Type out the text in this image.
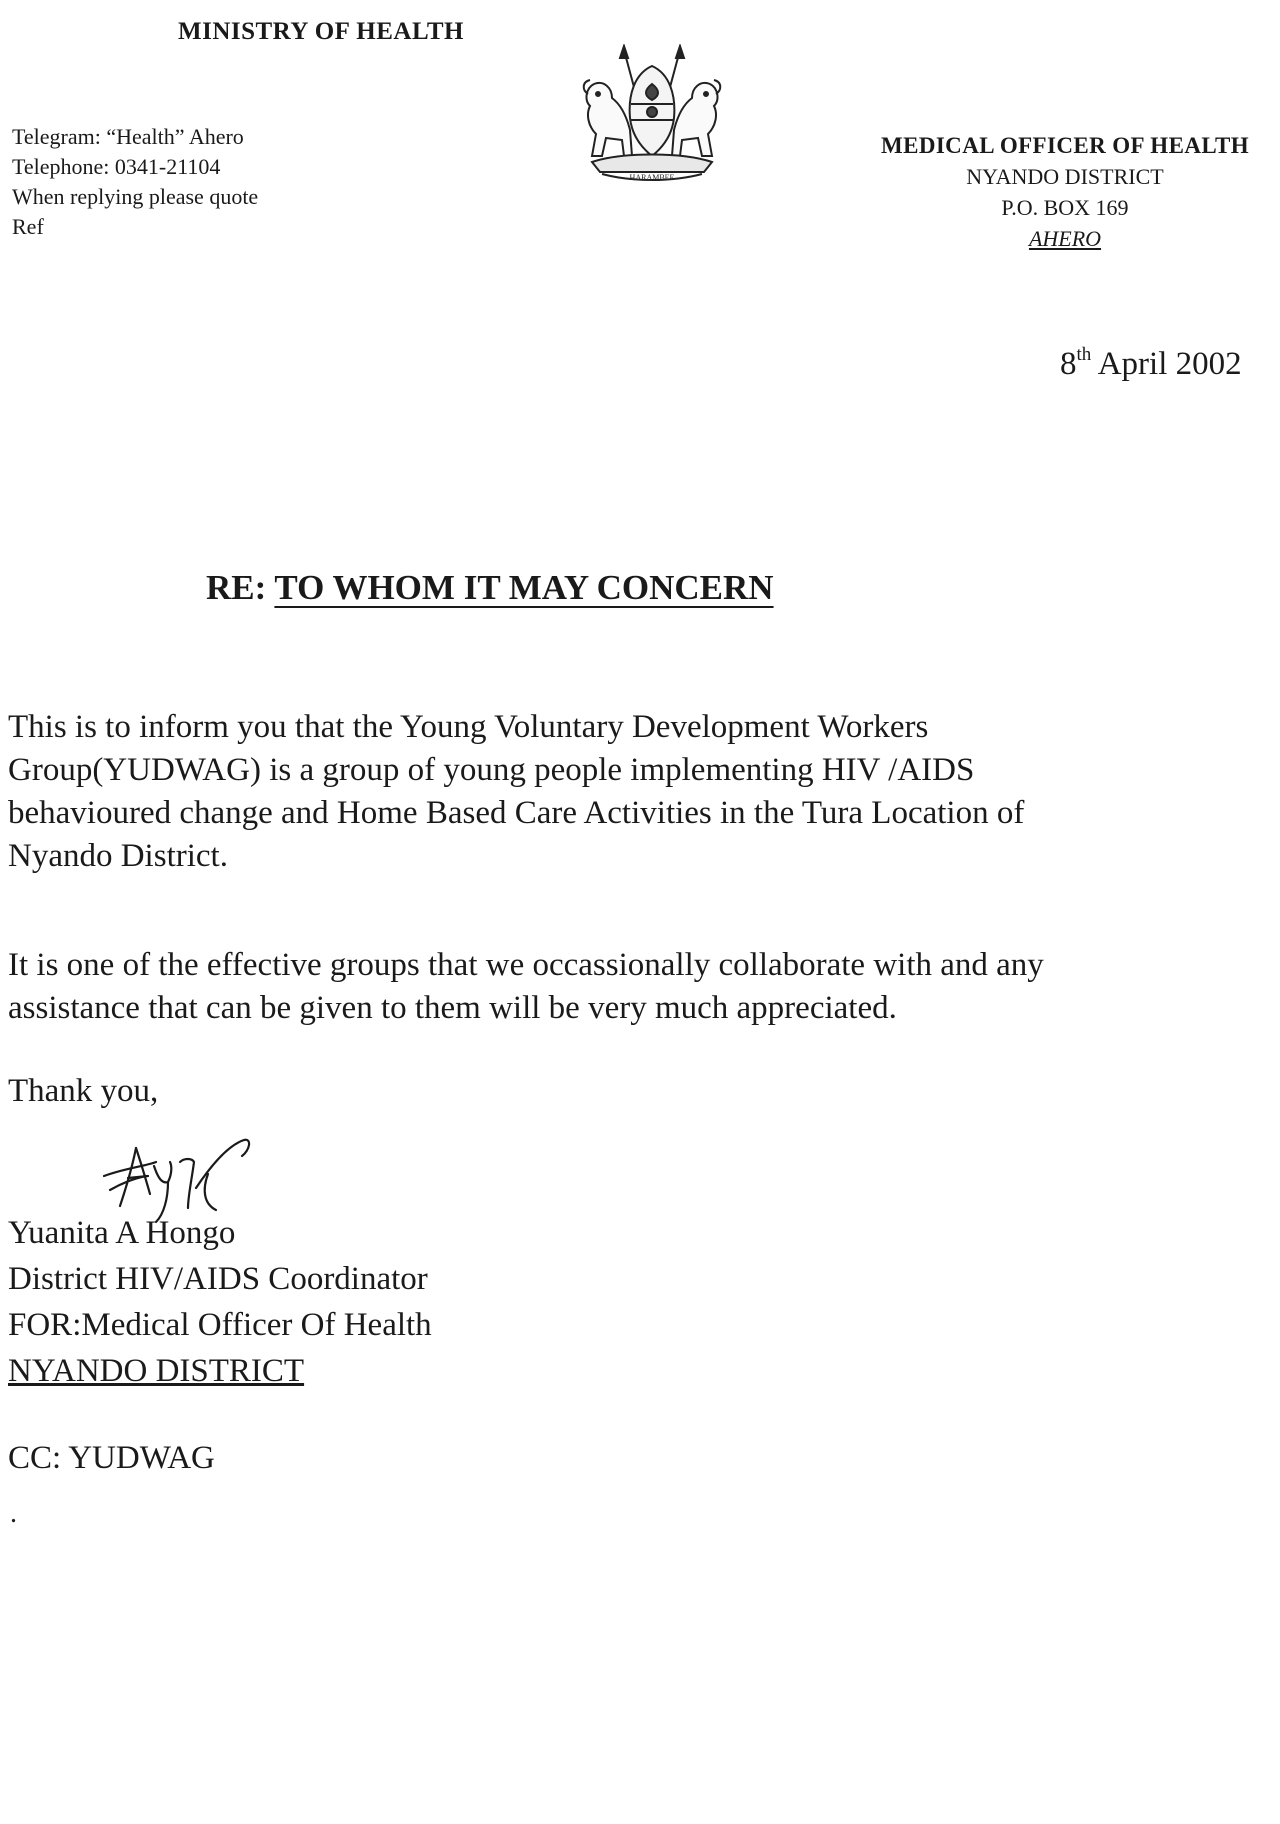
MINISTRY OF HEALTH
Telegram: “Health” Ahero
Telephone: 0341-21104
When replying please quote
Ref
HARAMBEE
MEDICAL OFFICER OF HEALTH
NYANDO DISTRICT
P.O. BOX 169
AHERO
8th April 2002
RE: TO WHOM IT MAY CONCERN
This is to inform you that the Young Voluntary Development Workers
Group(YUDWAG) is a group of young people implementing HIV /AIDS
behavioured change and Home Based Care Activities in the Tura Location of
Nyando District.
It is one of the effective groups that we occassionally collaborate with and any
assistance that can be given to them will be very much appreciated.
Thank you,
Yuanita A Hongo
District HIV/AIDS Coordinator
FOR:Medical Officer Of Health
NYANDO DISTRICT
CC: YUDWAG
.
